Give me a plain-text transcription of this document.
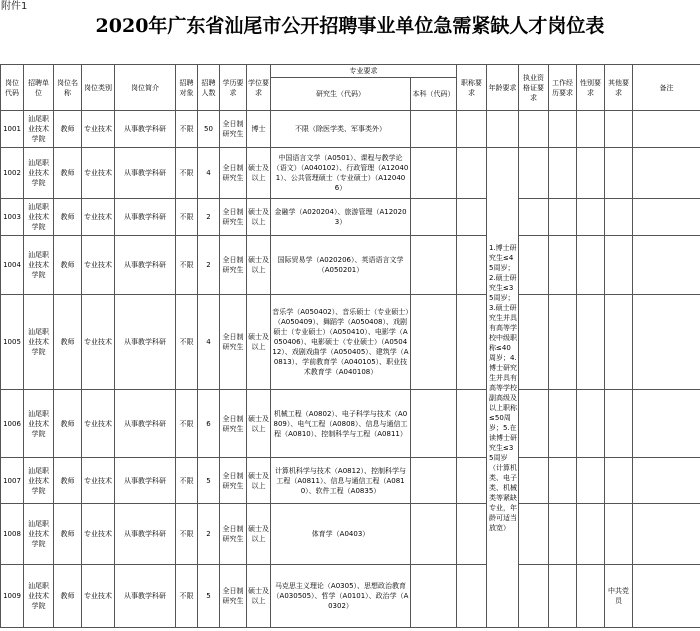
附件1
2020年广东省汕尾市公开招聘事业单位急需紧缺人才岗位表
岗位代码	招聘单位	岗位名称	岗位类别	岗位简介	招聘对象	招聘人数	学历要求	学位要求	专业要求		职称要求	年龄要求	执业资格证要求	工作经历要求	性别要求	其他要求	备注
									研究生（代码）	本科（代码）							
1001	汕尾职业技术学院	教师	专业技术	从事教学科研	不限	50	全日制研究生	博士	不限（除医学类、军事类外）								
1002	汕尾职业技术学院	教师	专业技术	从事教学科研	不限	4	全日制研究生	硕士及以上	中国语言文学（A0501）、课程与教学论（语文）（A040102）、行政管理（A120401）、公共管理硕士（专业硕士）（A120406）			1.博士研究生≤45周岁；2.硕士研究生≤35周岁；3.硕士研究生并具有高等学校中级职称≤40周岁；4.博士研究生并具有高等学校副高级及以上职称≤50周岁；5.在读博士研究生≤35周岁（计算机类、电子类、机械类等紧缺专业，年龄可适当放宽）					

1003	汕尾职业技术学院	教师	专业技术	从事教学科研	不限	2	全日制研究生	硕士及以上	金融学（A020204）、旅游管理（A120203）								
1004	汕尾职业技术学院	教师	专业技术	从事教学科研	不限	2	全日制研究生	硕士及以上	国际贸易学（A020206）、英语语言文学（A050201）								
1005	汕尾职业技术学院	教师	专业技术	从事教学科研	不限	4	全日制研究生	硕士及以上	音乐学（A050402）、音乐硕士（专业硕士）（A050409）、舞蹈学（A050408）、戏剧硕士（专业硕士）（A050410）、电影学（A050406）、电影硕士（专业硕士）（A050412）、戏剧戏曲学（A050405）、建筑学（A0813）、学前教育学（A040105）、职业技术教育学（A040108）								
1006	汕尾职业技术学院	教师	专业技术	从事教学科研	不限	6	全日制研究生	硕士及以上	机械工程（A0802）、电子科学与技术（A0809）、电气工程（A0808）、信息与通信工程（A0810）、控制科学与工程（A0811）								
1007	汕尾职业技术学院	教师	专业技术	从事教学科研	不限	5	全日制研究生	硕士及以上	计算机科学与技术（A0812）、控制科学与工程（A0811）、信息与通信工程（A0810）、软件工程（A0835）								
1008	汕尾职业技术学院	教师	专业技术	从事教学科研	不限	2	全日制研究生	硕士及以上	体育学（A0403）								
1009	汕尾职业技术学院	教师	专业技术	从事教学科研	不限	5	全日制研究生	硕士及以上	马克思主义理论（A0305）、思想政治教育（A030505）、哲学（A0101）、政治学（A0302）							中共党员	
